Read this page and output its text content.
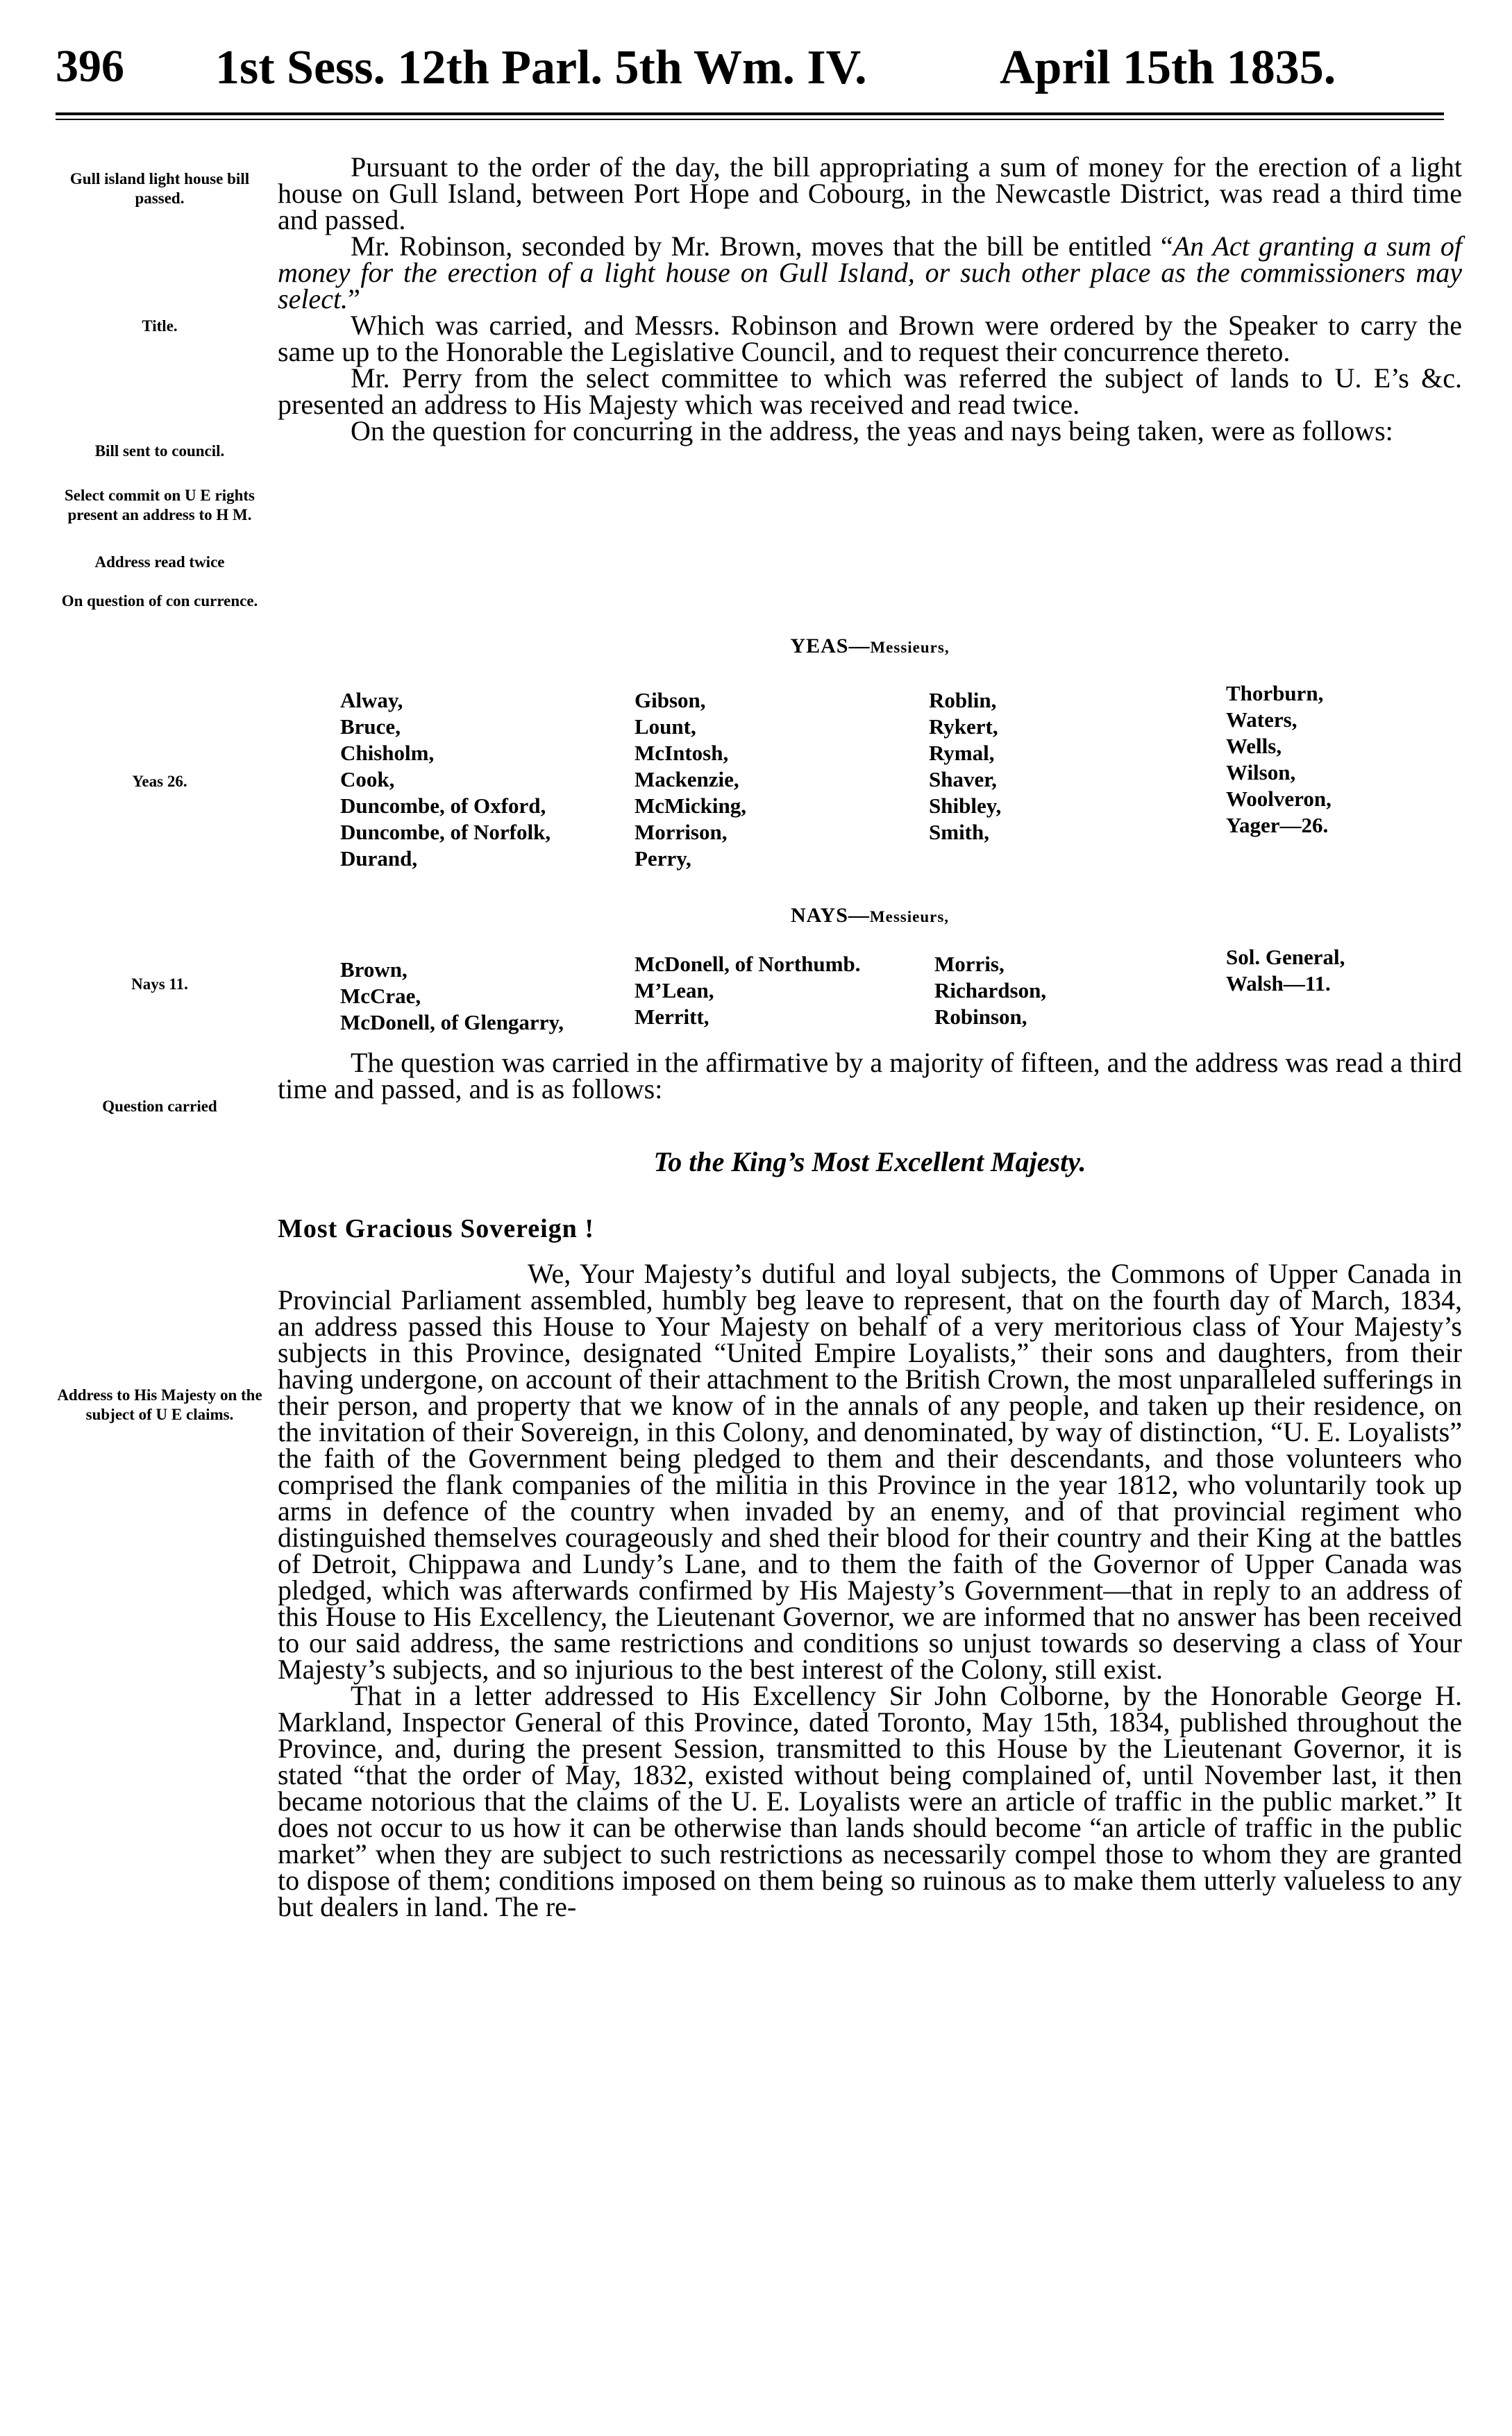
396 1st Sess. 12th Parl. 5th Wm. IV.	April 15th 1835.
Gull island light house bill passed.
Title.
Bill sent to council.
Select commit on U E rights present an address to H M.
Address read twice
On question of con currence.
Yeas 26.
Nays 11.
Question carried
Address to His Majesty on the subject of U E claims.

Pursuant to the order of the day, the bill appropriating a sum of money for the erection of a light house on Gull Island, between Port Hope and Cobourg, in the Newcastle District, was read a third time and passed.

Mr. Robinson, seconded by Mr. Brown, moves that the bill be entitled “An Act granting a sum of money for the erection of a light house on Gull Island, or such other place as the commissioners may select.”

Which was carried, and Messrs. Robinson and Brown were ordered by the Speaker to carry the same up to the Honorable the Legislative Council, and to request their concurrence thereto.

Mr. Perry from the select committee to which was referred the subject of lands to U. E’s &c. presented an address to His Majesty which was received and read twice.

On the question for concurring in the address, the yeas and nays being taken, were as follows:

YEAS—Messieurs,
Alway,
Bruce,
Chisholm,
Cook,
Duncombe, of Oxford,
Duncombe, of Norfolk,
Durand,
Gibson,
Lount,
McIntosh,
Mackenzie,
McMicking,
Morrison,
Perry,
Roblin,
Rykert,
Rymal,
Shaver,
Shibley,
Smith,
Thorburn,
Waters,
Wells,
Wilson,
Woolveron,
Yager—26.
NAYS—Messieurs,
Brown,
McCrae,
McDonell, of Glengarry,
McDonell, of Northumb.
M’Lean,
Merritt,
Morris,
Richardson,
Robinson,
Sol. General,
Walsh—11.

The question was carried in the affirmative by a majority of fifteen, and the address was read a third time and passed, and is as follows:

To the King’s Most Excellent Majesty.
Most Gracious Sovereign !

We, Your Majesty’s dutiful and loyal subjects, the Commons of Upper Canada in Provincial Parliament assembled, humbly beg leave to represent, that on the fourth day of March, 1834, an address passed this House to Your Majesty on behalf of a very meritorious class of Your Majesty’s subjects in this Province, designated “United Empire Loyalists,” their sons and daughters, from their having undergone, on account of their attachment to the British Crown, the most unparalleled sufferings in their person, and property that we know of in the annals of any people, and taken up their residence, on the invitation of their Sovereign, in this Colony, and denominated, by way of distinction, “U. E. Loyalists” the faith of the Government being pledged to them and their descendants, and those volunteers who comprised the flank companies of the militia in this Province in the year 1812, who voluntarily took up arms in defence of the country when invaded by an enemy, and of that provincial regiment who distinguished themselves courageously and shed their blood for their country and their King at the battles of Detroit, Chippawa and Lundy’s Lane, and to them the faith of the Governor of Upper Canada was pledged, which was afterwards confirmed by His Majesty’s Government—that in reply to an address of this House to His Excellency, the Lieutenant Governor, we are informed that no answer has been received to our said address, the same restrictions and conditions so unjust towards so deserving a class of Your Majesty’s subjects, and so injurious to the best interest of the Colony, still exist.

That in a letter addressed to His Excellency Sir John Colborne, by the Honorable George H. Markland, Inspector General of this Province, dated Toronto, May 15th, 1834, published throughout the Province, and, during the present Session, transmitted to this House by the Lieutenant Governor, it is stated “that the order of May, 1832, existed without being complained of, until November last, it then became notorious that the claims of the U. E. Loyalists were an article of traffic in the public market.” It does not occur to us how it can be otherwise than lands should become “an article of traffic in the public market” when they are subject to such restrictions as necessarily compel those to whom they are granted to dispose of them; conditions imposed on them being so ruinous as to make them utterly valueless to any but dealers in land. The re-
